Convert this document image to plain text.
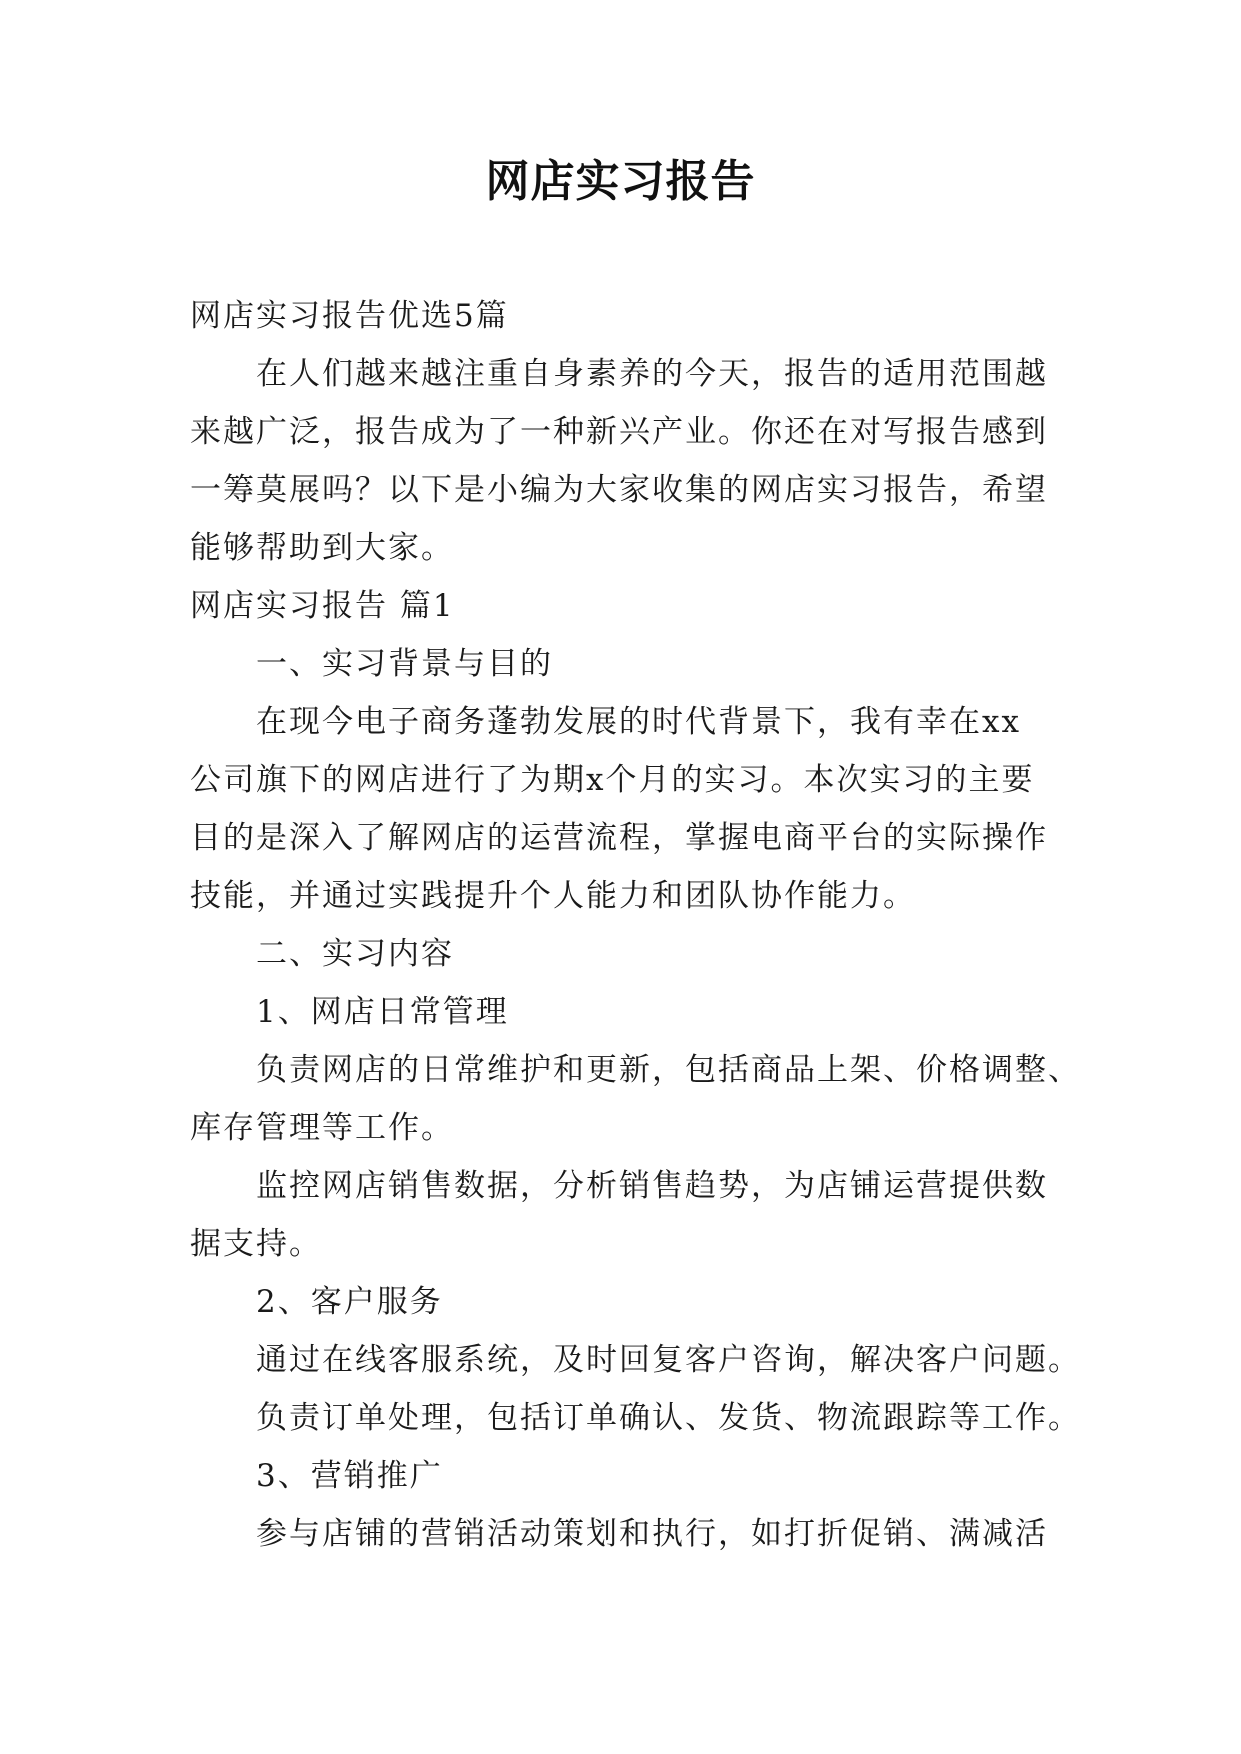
网店实习报告

网店实习报告优选5篇

在人们越来越注重自身素养的今天，报告的适用范围越

来越广泛，报告成为了一种新兴产业。你还在对写报告感到

一筹莫展吗？以下是小编为大家收集的网店实习报告，希望

能够帮助到大家。

网店实习报告 篇1

一、实习背景与目的

在现今电子商务蓬勃发展的时代背景下，我有幸在xx

公司旗下的网店进行了为期x个月的实习。本次实习的主要

目的是深入了解网店的运营流程，掌握电商平台的实际操作

技能，并通过实践提升个人能力和团队协作能力。

二、实习内容

1、网店日常管理

负责网店的日常维护和更新，包括商品上架、价格调整、

库存管理等工作。

监控网店销售数据，分析销售趋势，为店铺运营提供数

据支持。

2、客户服务

通过在线客服系统，及时回复客户咨询，解决客户问题。

负责订单处理，包括订单确认、发货、物流跟踪等工作。

3、营销推广

参与店铺的营销活动策划和执行，如打折促销、满减活
